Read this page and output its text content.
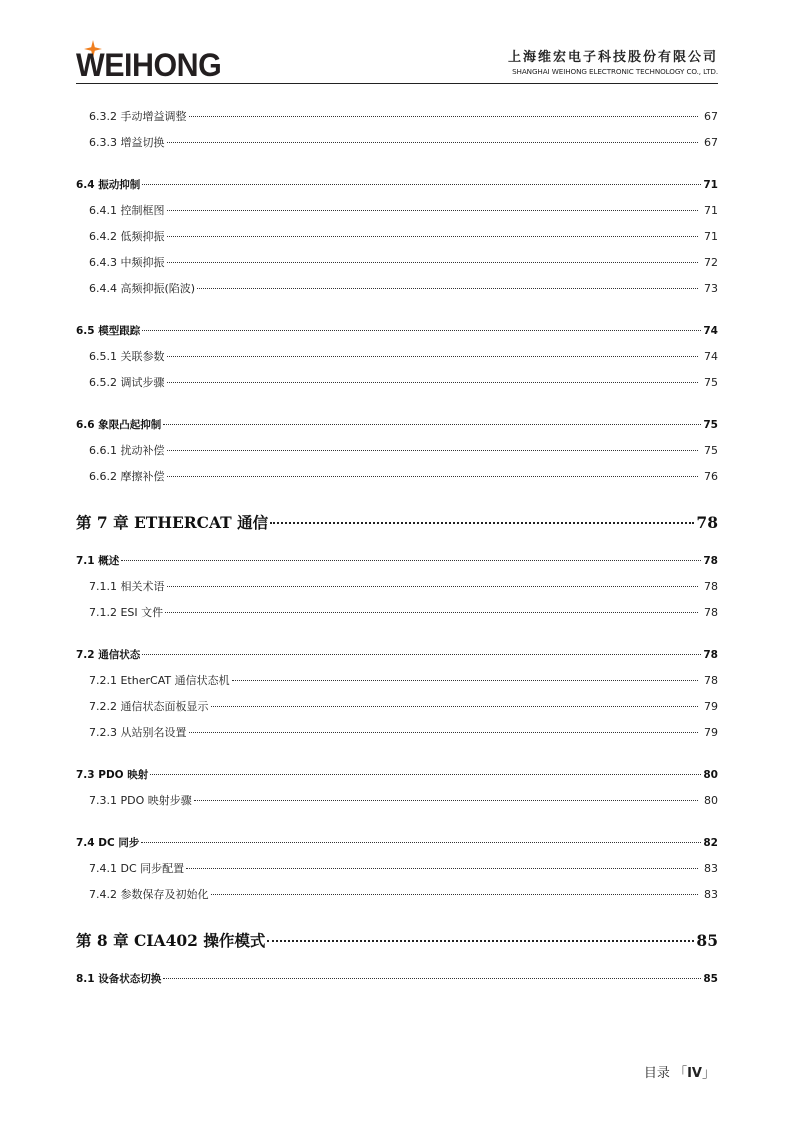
WEIHONG	上海维宏电子科技股份有限公司
SHANGHAI WEIHONG ELECTRONIC TECHNOLOGY CO., LTD.
6.3.2 手动增益调整	67
6.3.3 增益切换	67
6.4 振动抑制	71
6.4.1 控制框图	71
6.4.2 低频抑振	71
6.4.3 中频抑振	72
6.4.4 高频抑振(陷波)	73
6.5 模型跟踪	74
6.5.1 关联参数	74
6.5.2 调试步骤	75
6.6 象限凸起抑制	75
6.6.1 扰动补偿	75
6.6.2 摩擦补偿	76
第 7 章 ETHERCAT 通信	78
7.1 概述	78
7.1.1 相关术语	78
7.1.2 ESI 文件	78
7.2 通信状态	78
7.2.1 EtherCAT 通信状态机	78
7.2.2 通信状态面板显示	79
7.2.3 从站别名设置	79
7.3 PDO 映射	80
7.3.1 PDO 映射步骤	80
7.4 DC 同步	82
7.4.1 DC 同步配置	83
7.4.2 参数保存及初始化	83
第 8 章 CIA402 操作模式	85
8.1 设备状态切换	85
目录 「IV」
